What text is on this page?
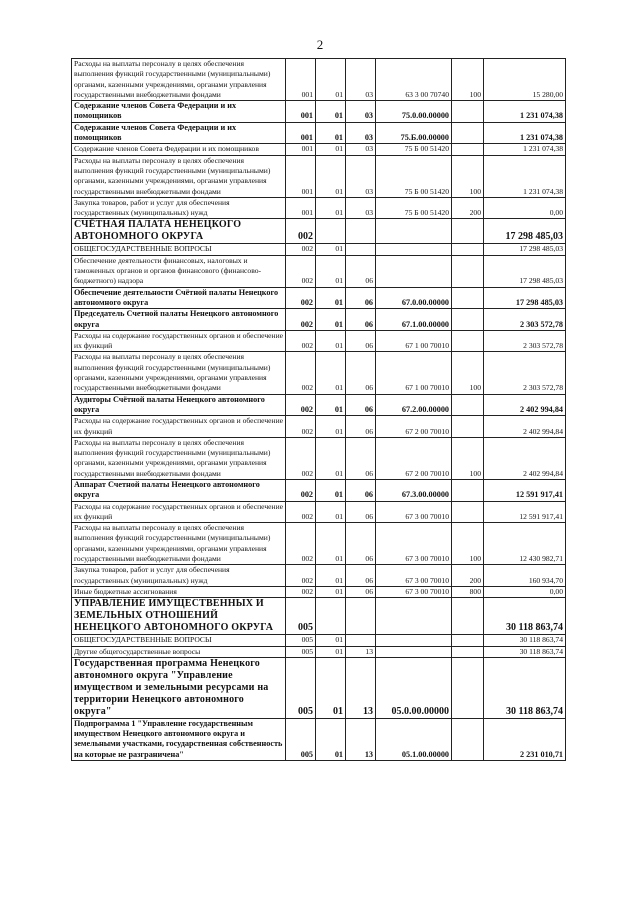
2
Расходы на выплаты персоналу в целях обеспечения выполнения функций государственными (муниципальными) органами, казенными учреждениями, органами управления государственными внебюджетными фондами	001	01	03	63 3 00 70740	100	15 280,00
Содержание членов Совета Федерации и их помощников	001	01	03	75.0.00.00000		1 231 074,38
Содержание членов Совета Федерации и их помощников	001	01	03	75.Б.00.00000		1 231 074,38
Содержание членов Совета Федерации и их помощников	001	01	03	75 Б 00 51420		1 231 074,38
Расходы на выплаты персоналу в целях обеспечения выполнения функций государственными (муниципальными) органами, казенными учреждениями, органами управления государственными внебюджетными фондами	001	01	03	75 Б 00 51420	100	1 231 074,38
Закупка товаров, работ и услуг для обеспечения государственных (муниципальных) нужд	001	01	03	75 Б 00 51420	200	0,00
СЧЁТНАЯ ПАЛАТА НЕНЕЦКОГО АВТОНОМНОГО ОКРУГА	002					17 298 485,03
ОБЩЕГОСУДАРСТВЕННЫЕ ВОПРОСЫ	002	01				17 298 485,03
Обеспечение деятельности финансовых, налоговых и таможенных органов и органов финансового (финансово-бюджетного) надзора	002	01	06			17 298 485,03
Обеспечение деятельности Счётной палаты Ненецкого автономного округа	002	01	06	67.0.00.00000		17 298 485,03
Председатель Счетной палаты Ненецкого автономного округа	002	01	06	67.1.00.00000		2 303 572,78
Расходы на содержание государственных органов и обеспечение их функций	002	01	06	67 1 00 70010		2 303 572,78
Расходы на выплаты персоналу в целях обеспечения выполнения функций государственными (муниципальными) органами, казенными учреждениями, органами управления государственными внебюджетными фондами	002	01	06	67 1 00 70010	100	2 303 572,78
Аудиторы Счётной палаты Ненецкого автономного округа	002	01	06	67.2.00.00000		2 402 994,84
Расходы на содержание государственных органов и обеспечение их функций	002	01	06	67 2 00 70010		2 402 994,84
Расходы на выплаты персоналу в целях обеспечения выполнения функций государственными (муниципальными) органами, казенными учреждениями, органами управления государственными внебюджетными фондами	002	01	06	67 2 00 70010	100	2 402 994,84
Аппарат Счетной палаты Ненецкого автономного округа	002	01	06	67.3.00.00000		12 591 917,41
Расходы на содержание государственных органов и обеспечение их функций	002	01	06	67 3 00 70010		12 591 917,41
Расходы на выплаты персоналу в целях обеспечения выполнения функций государственными (муниципальными) органами, казенными учреждениями, органами управления государственными внебюджетными фондами	002	01	06	67 3 00 70010	100	12 430 982,71
Закупка товаров, работ и услуг для обеспечения государственных (муниципальных) нужд	002	01	06	67 3 00 70010	200	160 934,70
Иные бюджетные ассигнования	002	01	06	67 3 00 70010	800	0,00
УПРАВЛЕНИЕ ИМУЩЕСТВЕННЫХ И ЗЕМЕЛЬНЫХ ОТНОШЕНИЙ НЕНЕЦКОГО АВТОНОМНОГО ОКРУГА	005					30 118 863,74
ОБЩЕГОСУДАРСТВЕННЫЕ ВОПРОСЫ	005	01				30 118 863,74
Другие общегосударственные вопросы	005	01	13			30 118 863,74
Государственная программа Ненецкого автономного округа "Управление имуществом и земельными ресурсами на территории Ненецкого автономного округа"	005	01	13	05.0.00.00000		30 118 863,74
Подпрограмма 1 "Управление государственным имуществом Ненецкого автономного округа и земельными участками, государственная собственность на которые не разграничена"	005	01	13	05.1.00.00000		2 231 010,71
